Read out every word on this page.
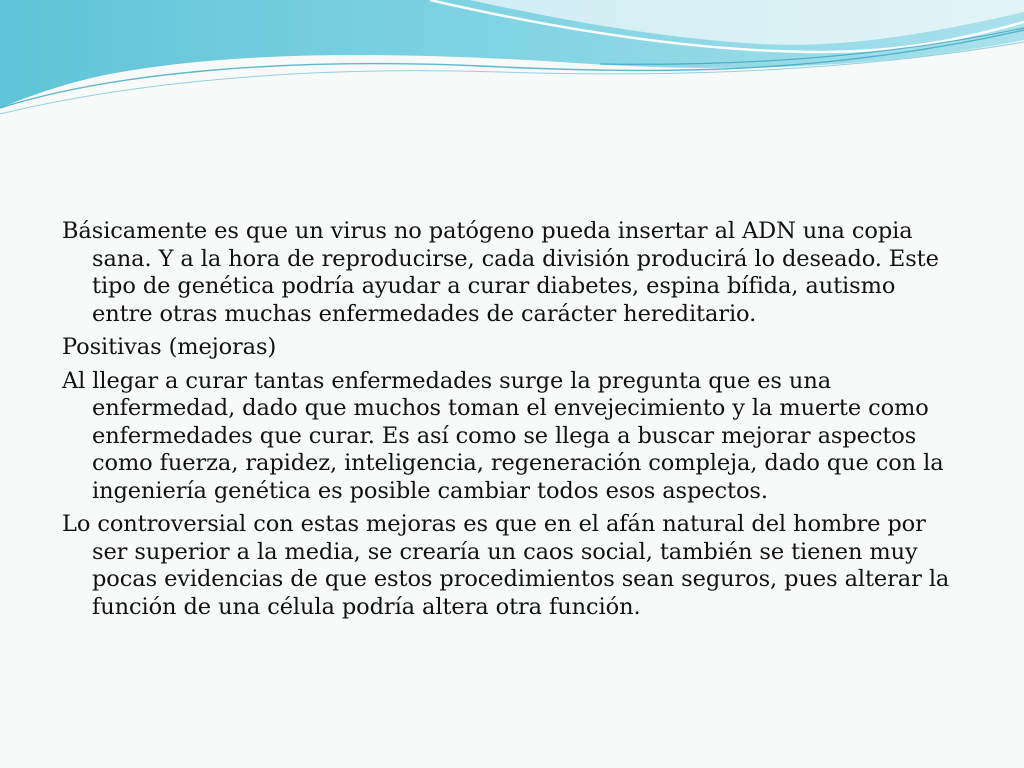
Básicamente es que un virus no patógeno pueda insertar al ADN una copia sana. Y a la hora de reproducirse, cada división producirá lo deseado. Este tipo de genética podría ayudar a curar diabetes, espina bífida, autismo entre otras muchas enfermedades de carácter hereditario.

Positivas (mejoras)

Al llegar a curar tantas enfermedades surge la pregunta que es una enfermedad, dado que muchos toman el envejecimiento y la muerte como enfermedades que curar. Es así como se llega a buscar mejorar aspectos como fuerza, rapidez, inteligencia, regeneración compleja, dado que con la ingeniería genética es posible cambiar todos esos aspectos.

Lo controversial con estas mejoras es que en el afán natural del hombre por ser superior a la media, se crearía un caos social, también se tienen muy pocas evidencias de que estos procedimientos sean seguros, pues alterar la función de una célula podría altera otra función.
